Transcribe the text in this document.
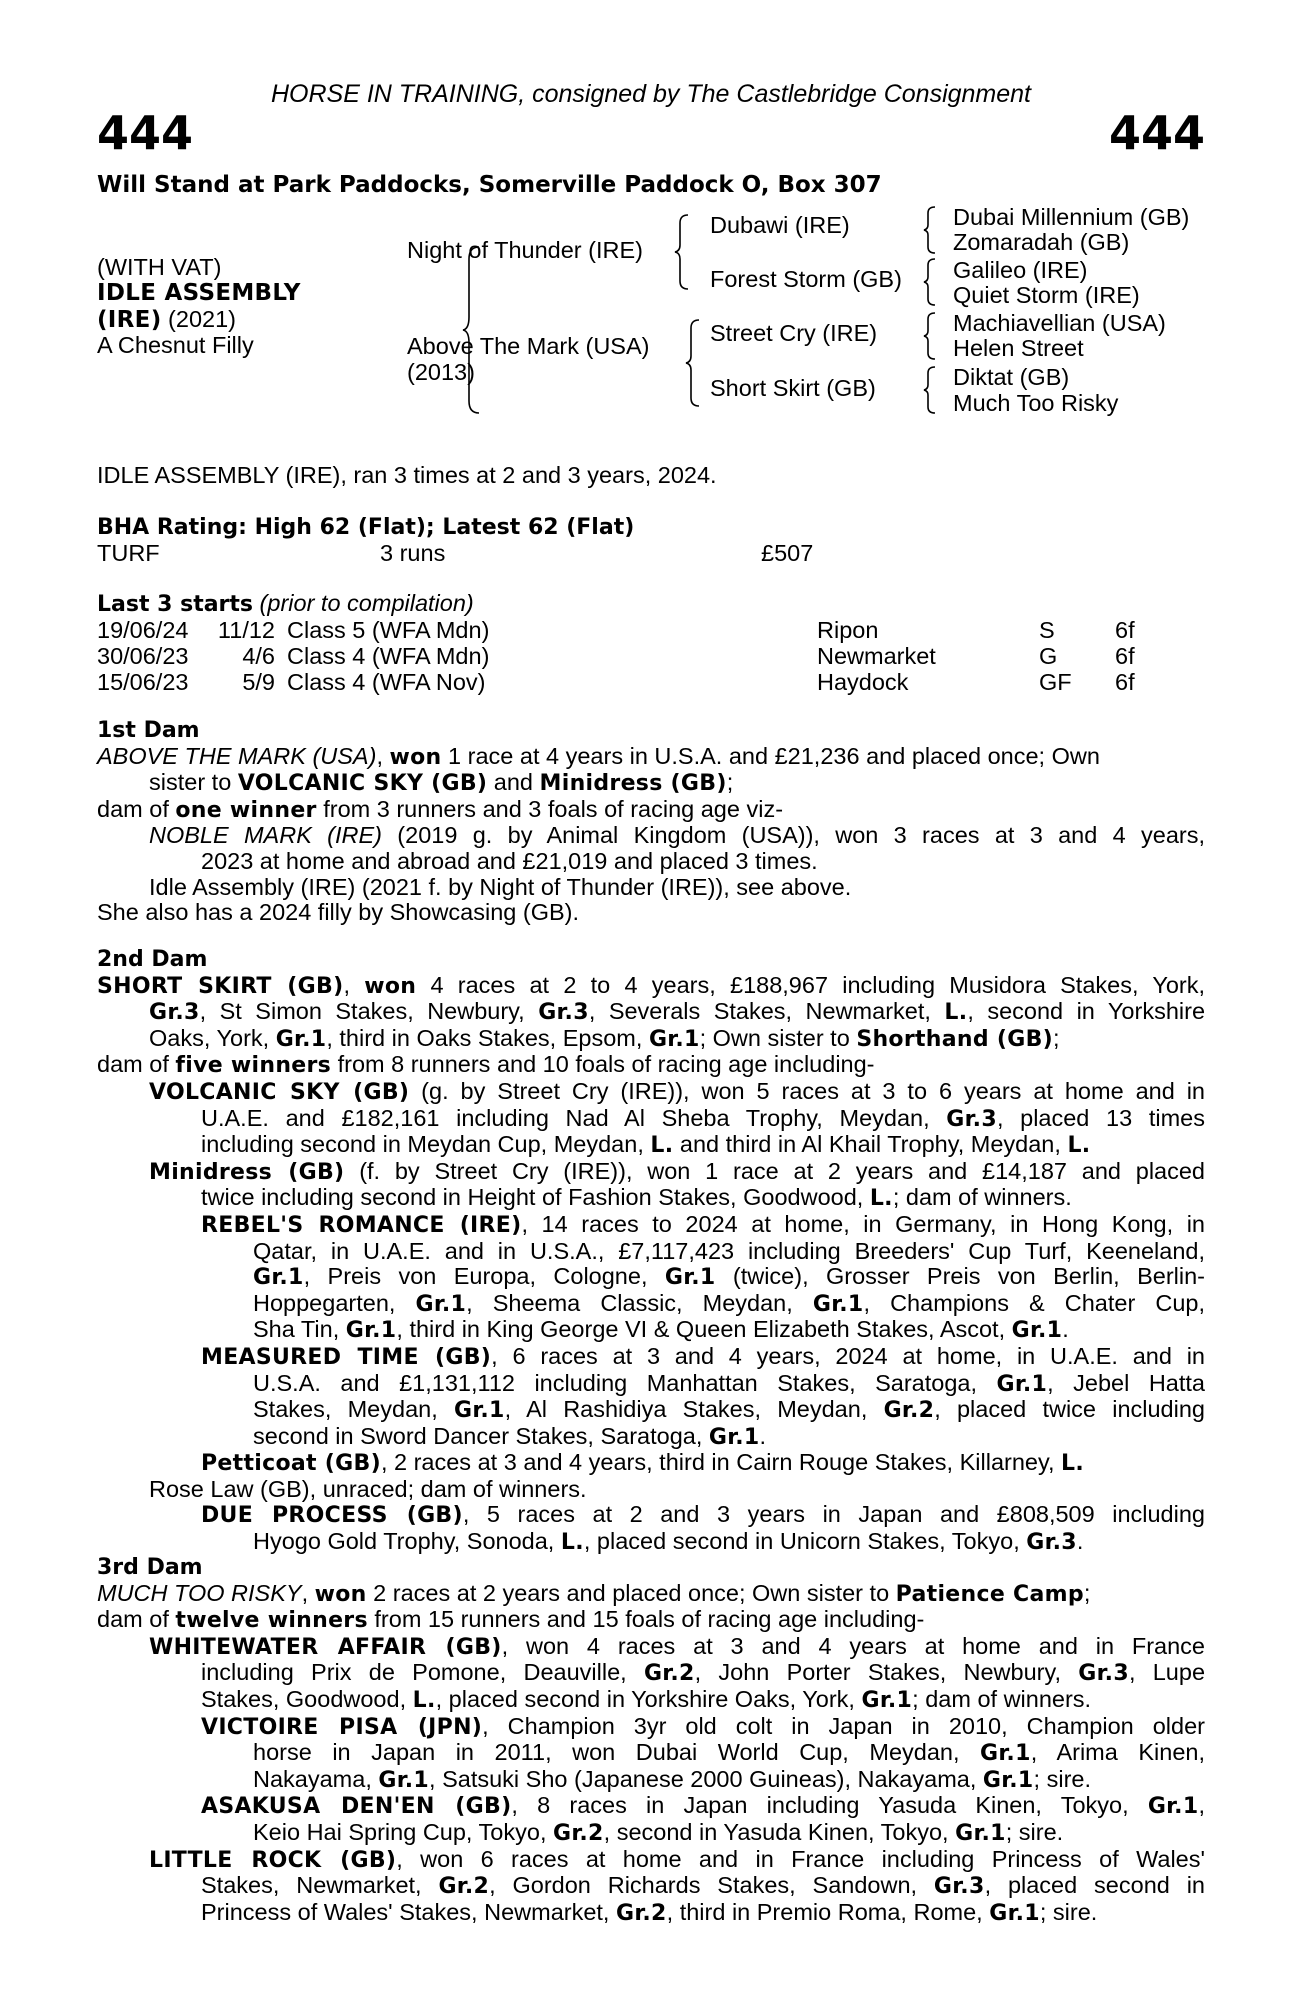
HORSE IN TRAINING, consigned by The Castlebridge Consignment
444	444
Will Stand at Park Paddocks, Somerville Paddock O, Box 307
(WITH VAT)
IDLE ASSEMBLY
(IRE) (2021)
A Chesnut Filly
Night of Thunder (IRE)
Above The Mark (USA)
(2013)
Dubawi (IRE)
Forest Storm (GB)
Street Cry (IRE)
Short Skirt (GB)
Dubai Millennium (GB)
Zomaradah (GB)
Galileo (IRE)
Quiet Storm (IRE)
Machiavellian (USA)
Helen Street
Diktat (GB)
Much Too Risky
IDLE ASSEMBLY (IRE), ran 3 times at 2 and 3 years, 2024.
BHA Rating: High 62 (Flat); Latest 62 (Flat)
TURF	3 runs	£507
Last 3 starts (prior to compilation)
19/06/24	11/12 Class 5 (WFA Mdn)	Ripon	S	6f
30/06/23	4/6 Class 4 (WFA Mdn)	Newmarket	G 6f
15/06/23	5/9 Class 4 (WFA Nov)	Haydock	GF 6f
1st Dam
ABOVE THE MARK (USA), won 1 race at 4 years in U.S.A. and £21,236 and placed once; Own
sister to VOLCANIC SKY (GB) and Minidress (GB);
dam of one winner from 3 runners and 3 foals of racing age viz-
NOBLE MARK (IRE) (2019 g. by Animal Kingdom (USA)), won 3 races at 3 and 4 years,
2023 at home and abroad and £21,019 and placed 3 times.
Idle Assembly (IRE) (2021 f. by Night of Thunder (IRE)), see above.
She also has a 2024 filly by Showcasing (GB).
2nd Dam
SHORT SKIRT (GB), won 4 races at 2 to 4 years, £188,967 including Musidora Stakes, York,
Gr.3, St Simon Stakes, Newbury, Gr.3, Severals Stakes, Newmarket, L., second in Yorkshire
Oaks, York, Gr.1, third in Oaks Stakes, Epsom, Gr.1; Own sister to Shorthand (GB);
dam of five winners from 8 runners and 10 foals of racing age including-
VOLCANIC SKY (GB) (g. by Street Cry (IRE)), won 5 races at 3 to 6 years at home and in
U.A.E. and £182,161 including Nad Al Sheba Trophy, Meydan, Gr.3, placed 13 times
including second in Meydan Cup, Meydan, L. and third in Al Khail Trophy, Meydan, L.
Minidress (GB) (f. by Street Cry (IRE)), won 1 race at 2 years and £14,187 and placed
twice including second in Height of Fashion Stakes, Goodwood, L.; dam of winners.
REBEL'S ROMANCE (IRE), 14 races to 2024 at home, in Germany, in Hong Kong, in
Qatar, in U.A.E. and in U.S.A., £7,117,423 including Breeders' Cup Turf, Keeneland,
Gr.1, Preis von Europa, Cologne, Gr.1 (twice), Grosser Preis von Berlin, Berlin-
Hoppegarten, Gr.1, Sheema Classic, Meydan, Gr.1, Champions & Chater Cup,
Sha Tin, Gr.1, third in King George VI & Queen Elizabeth Stakes, Ascot, Gr.1.
MEASURED TIME (GB), 6 races at 3 and 4 years, 2024 at home, in U.A.E. and in
U.S.A. and £1,131,112 including Manhattan Stakes, Saratoga, Gr.1, Jebel Hatta
Stakes, Meydan, Gr.1, Al Rashidiya Stakes, Meydan, Gr.2, placed twice including
second in Sword Dancer Stakes, Saratoga, Gr.1.
Petticoat (GB), 2 races at 3 and 4 years, third in Cairn Rouge Stakes, Killarney, L.
Rose Law (GB), unraced; dam of winners.
DUE PROCESS (GB), 5 races at 2 and 3 years in Japan and £808,509 including
Hyogo Gold Trophy, Sonoda, L., placed second in Unicorn Stakes, Tokyo, Gr.3.
3rd Dam
MUCH TOO RISKY, won 2 races at 2 years and placed once; Own sister to Patience Camp;
dam of twelve winners from 15 runners and 15 foals of racing age including-
WHITEWATER AFFAIR (GB), won 4 races at 3 and 4 years at home and in France
including Prix de Pomone, Deauville, Gr.2, John Porter Stakes, Newbury, Gr.3, Lupe
Stakes, Goodwood, L., placed second in Yorkshire Oaks, York, Gr.1; dam of winners.
VICTOIRE PISA (JPN), Champion 3yr old colt in Japan in 2010, Champion older
horse in Japan in 2011, won Dubai World Cup, Meydan, Gr.1, Arima Kinen,
Nakayama, Gr.1, Satsuki Sho (Japanese 2000 Guineas), Nakayama, Gr.1; sire.
ASAKUSA DEN'EN (GB), 8 races in Japan including Yasuda Kinen, Tokyo, Gr.1,
Keio Hai Spring Cup, Tokyo, Gr.2, second in Yasuda Kinen, Tokyo, Gr.1; sire.
LITTLE ROCK (GB), won 6 races at home and in France including Princess of Wales'
Stakes, Newmarket, Gr.2, Gordon Richards Stakes, Sandown, Gr.3, placed second in
Princess of Wales' Stakes, Newmarket, Gr.2, third in Premio Roma, Rome, Gr.1; sire.
